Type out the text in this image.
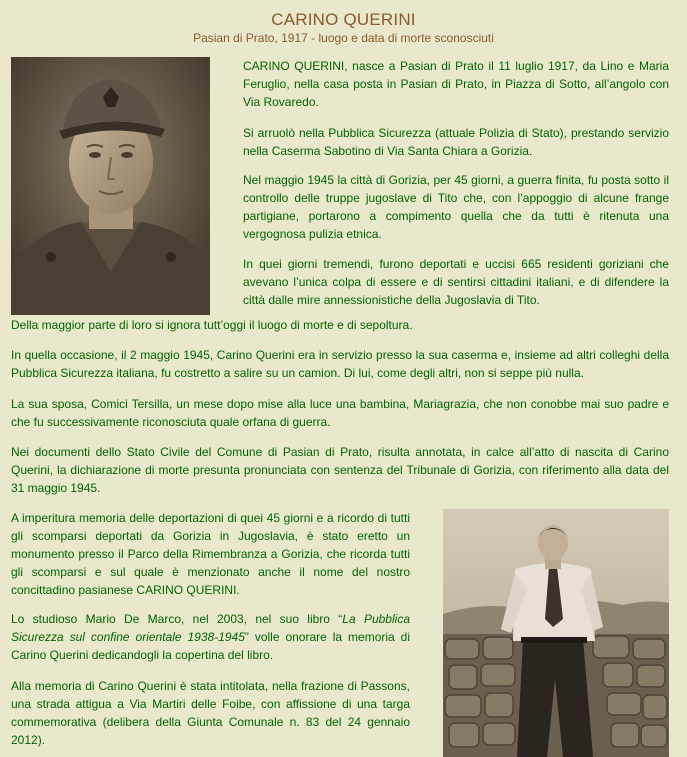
CARINO QUERINI
Pasian di Prato, 1917 - luogo e data di morte sconosciuti

CARINO QUERINI, nasce a Pasian di Prato il 11 luglio 1917, da Lino e Maria Feruglio, nella casa posta in Pasian di Prato, in Piazza di Sotto, all’angolo con Via Rovaredo.

Si arruolò nella Pubblica Sicurezza (attuale Polizia di Stato), prestando servizio nella Caserma Sabotino di Via Santa Chiara a Gorizia.

Nel maggio 1945 la città di Gorizia, per 45 giorni, a guerra finita, fu posta sotto il controllo delle truppe jugoslave di Tito che, con l’appoggio di alcune frange partigiane, portarono a compimento quella che da tutti è ritenuta una vergognosa pulizia etnica.

In quei giorni tremendi, furono deportati e uccisi 665 residenti goriziani che avevano l’unica colpa di essere e di sentirsi cittadini italiani, e di difendere la città dalle mire annessionistiche della Jugoslavia di Tito.

Della maggior parte di loro si ignora tutt’oggi il luogo di morte e di sepoltura.

In quella occasione, il 2 maggio 1945, Carino Querini era in servizio presso la sua caserma e, insieme ad altri colleghi della Pubblica Sicurezza italiana, fu costretto a salire su un camion. Di lui, come degli altri, non si seppe più nulla.

La sua sposa, Comici Tersilla, un mese dopo mise alla luce una bambina, Mariagrazia, che non conobbe mai suo padre e che fu successivamente riconosciuta quale orfana di guerra.

Nei documenti dello Stato Civile del Comune di Pasian di Prato, risulta annotata, in calce all’atto di nascita di Carino Querini, la dichiarazione di morte presunta pronunciata con sentenza del Tribunale di Gorizia, con riferimento alla data del 31 maggio 1945.

A imperitura memoria delle deportazioni di quei 45 giorni e a ricordo di tutti gli scomparsi deportati da Gorizia in Jugoslavia, è stato eretto un monumento presso il Parco della Rimembranza a Gorizia, che ricorda tutti gli scomparsi e sul quale è menzionato anche il nome del nostro concittadino pasianese CARINO QUERINI.

Lo studioso Mario De Marco, nel 2003, nel suo libro “La Pubblica Sicurezza sul confine orientale 1938-1945” volle onorare la memoria di Carino Querini dedicandogli la copertina del libro.

Alla memoria di Carino Querini è stata intitolata, nella frazione di Passons, una strada attigua a Via Martiri delle Foibe, con affissione di una targa commemorativa (delibera della Giunta Comunale n. 83 del 24 gennaio 2012).
